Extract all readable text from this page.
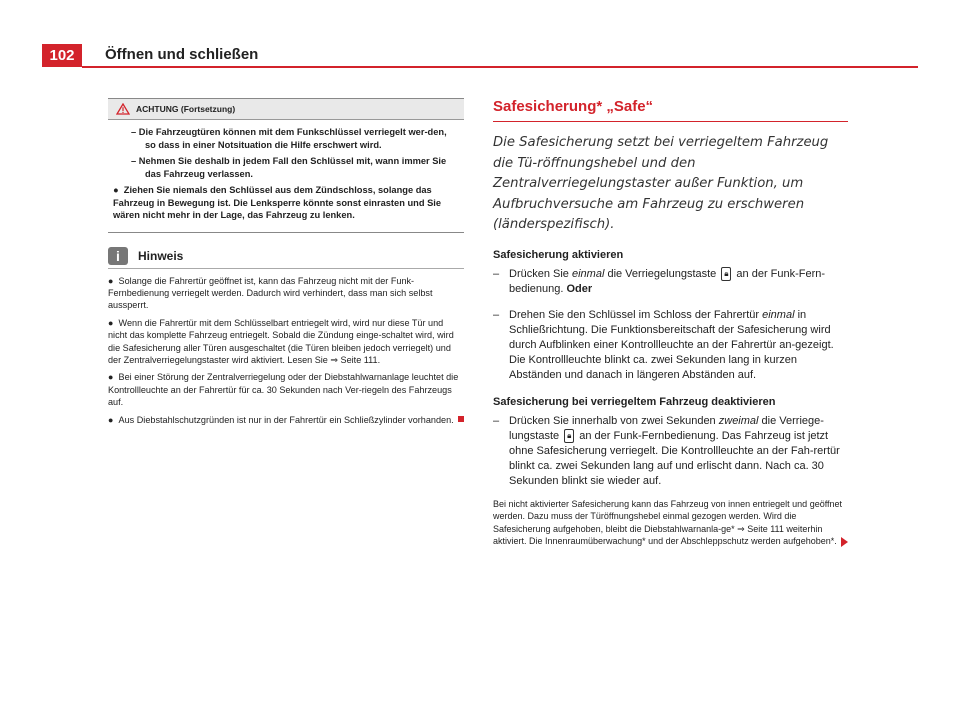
102	Öffnen und schließen
ACHTUNG (Fortsetzung)
– Die Fahrzeugtüren können mit dem Funkschlüssel verriegelt wer-den, so dass in einer Notsituation die Hilfe erschwert wird.
– Nehmen Sie deshalb in jedem Fall den Schlüssel mit, wann immer Sie das Fahrzeug verlassen.
●  Ziehen Sie niemals den Schlüssel aus dem Zündschloss, solange das Fahrzeug in Bewegung ist. Die Lenksperre könnte sonst einrasten und Sie wären nicht mehr in der Lage, das Fahrzeug zu lenken.
i	Hinweis

●  Solange die Fahrertür geöffnet ist, kann das Fahrzeug nicht mit der Funk-Fernbedienung verriegelt werden. Dadurch wird verhindert, dass man sich selbst aussperrt.

●  Wenn die Fahrertür mit dem Schlüsselbart entriegelt wird, wird nur diese Tür und nicht das komplette Fahrzeug entriegelt. Sobald die Zündung einge-schaltet wird, wird die Safesicherung aller Türen ausgeschaltet (die Türen bleiben jedoch verriegelt) und der Zentralverriegelungstaster wird aktiviert. Lesen Sie ⇒ Seite 111.

●  Bei einer Störung der Zentralverriegelung oder der Diebstahlwarnanlage leuchtet die Kontrollleuchte an der Fahrertür für ca. 30 Sekunden nach Ver-riegeln des Fahrzeugs auf.

●  Aus Diebstahlschutzgründen ist nur in der Fahrertür ein Schließzylinder vorhanden.

Safesicherung* „Safe“
Die Safesicherung setzt bei verriegeltem Fahrzeug die Tü-röffnungshebel und den Zentralverriegelungstaster außer Funktion, um Aufbruchversuche am Fahrzeug zu erschweren (länderspezifisch).
Safesicherung aktivieren
– Drücken Sie einmal die Verriegelungstaste 🔒︎ an der Funk-Fern-bedienung. Oder
– Drehen Sie den Schlüssel im Schloss der Fahrertür einmal in Schließrichtung. Die Funktionsbereitschaft der Safesicherung wird durch Aufblinken einer Kontrollleuchte an der Fahrertür an-gezeigt. Die Kontrollleuchte blinkt ca. zwei Sekunden lang in kurzen Abständen und danach in längeren Abständen auf.
Safesicherung bei verriegeltem Fahrzeug deaktivieren
– Drücken Sie innerhalb von zwei Sekunden zweimal die Verriege-lungstaste 🔒︎ an der Funk-Fernbedienung. Das Fahrzeug ist jetzt ohne Safesicherung verriegelt. Die Kontrollleuchte an der Fah-rertür blinkt ca. zwei Sekunden lang auf und erlischt dann. Nach ca. 30 Sekunden blinkt sie wieder auf.
Bei nicht aktivierter Safesicherung kann das Fahrzeug von innen entriegelt und geöffnet werden. Dazu muss der Türöffnungshebel einmal gezogen werden. Wird die Safesicherung aufgehoben, bleibt die Diebstahlwarnanla-ge* ⇒ Seite 111 weiterhin aktiviert. Die Innenraumüberwachung* und der Abschleppschutz werden aufgehoben*.
